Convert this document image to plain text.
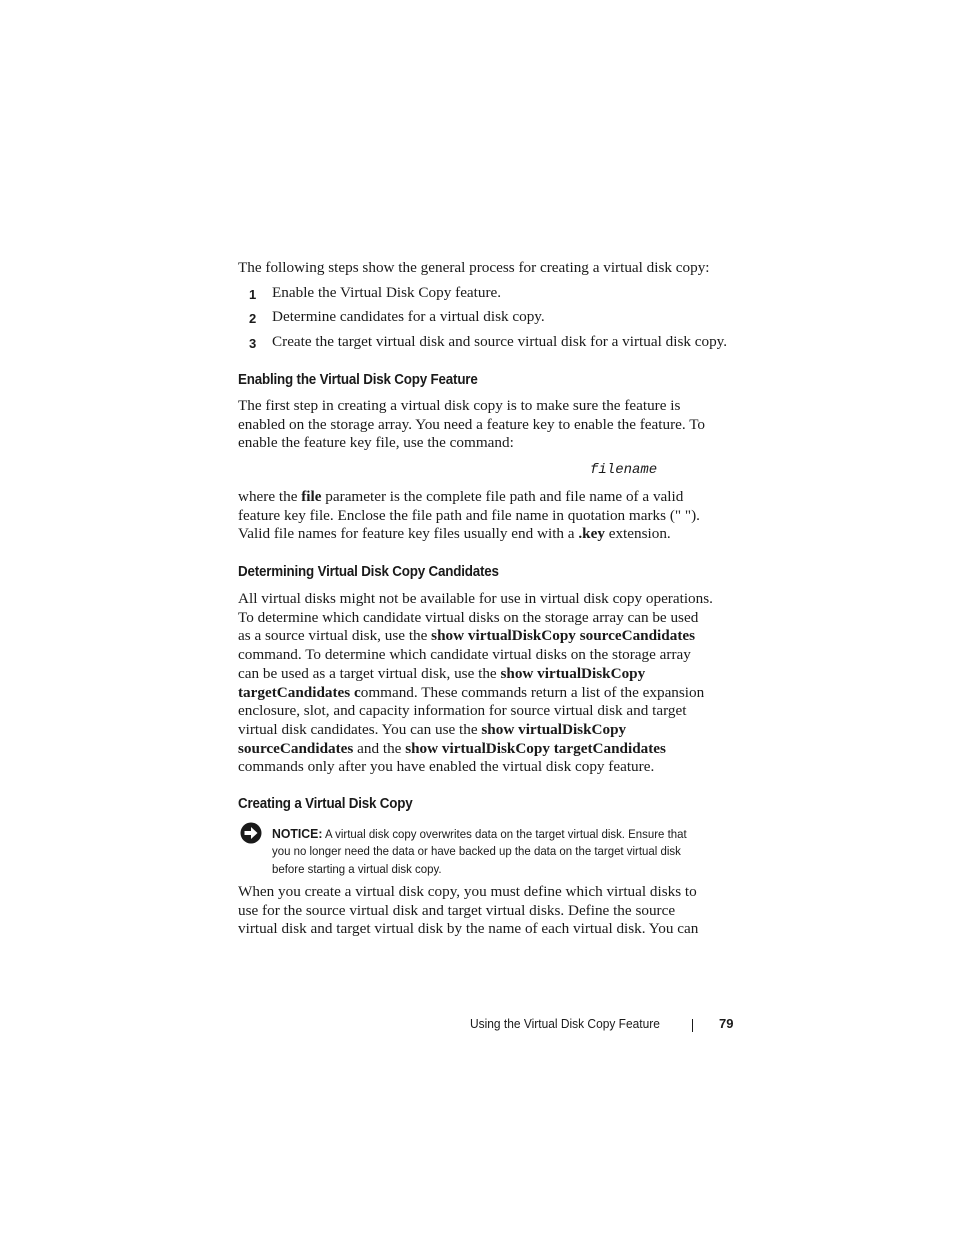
The following steps show the general process for creating a virtual disk copy:
1 Enable the Virtual Disk Copy feature.
2 Determine candidates for a virtual disk copy.
3 Create the target virtual disk and source virtual disk for a virtual disk copy.
Enabling the Virtual Disk Copy Feature
The first step in creating a virtual disk copy is to make sure the feature is
enabled on the storage array. You need a feature key to enable the feature. To
enable the feature key file, use the command:
filename
where the file parameter is the complete file path and file name of a valid
feature key file. Enclose the file path and file name in quotation marks (" ").
Valid file names for feature key files usually end with a .key extension.
Determining Virtual Disk Copy Candidates
All virtual disks might not be available for use in virtual disk copy operations.
To determine which candidate virtual disks on the storage array can be used
as a source virtual disk, use the show virtualDiskCopy sourceCandidates
command. To determine which candidate virtual disks on the storage array
can be used as a target virtual disk, use the show virtualDiskCopy
targetCandidates command. These commands return a list of the expansion
enclosure, slot, and capacity information for source virtual disk and target
virtual disk candidates. You can use the show virtualDiskCopy
sourceCandidates and the show virtualDiskCopy targetCandidates
commands only after you have enabled the virtual disk copy feature.
Creating a Virtual Disk Copy
NOTICE: A virtual disk copy overwrites data on the target virtual disk. Ensure that
you no longer need the data or have backed up the data on the target virtual disk
before starting a virtual disk copy.
When you create a virtual disk copy, you must define which virtual disks to
use for the source virtual disk and target virtual disks. Define the source
virtual disk and target virtual disk by the name of each virtual disk. You can
Using the Virtual Disk Copy Feature	79
